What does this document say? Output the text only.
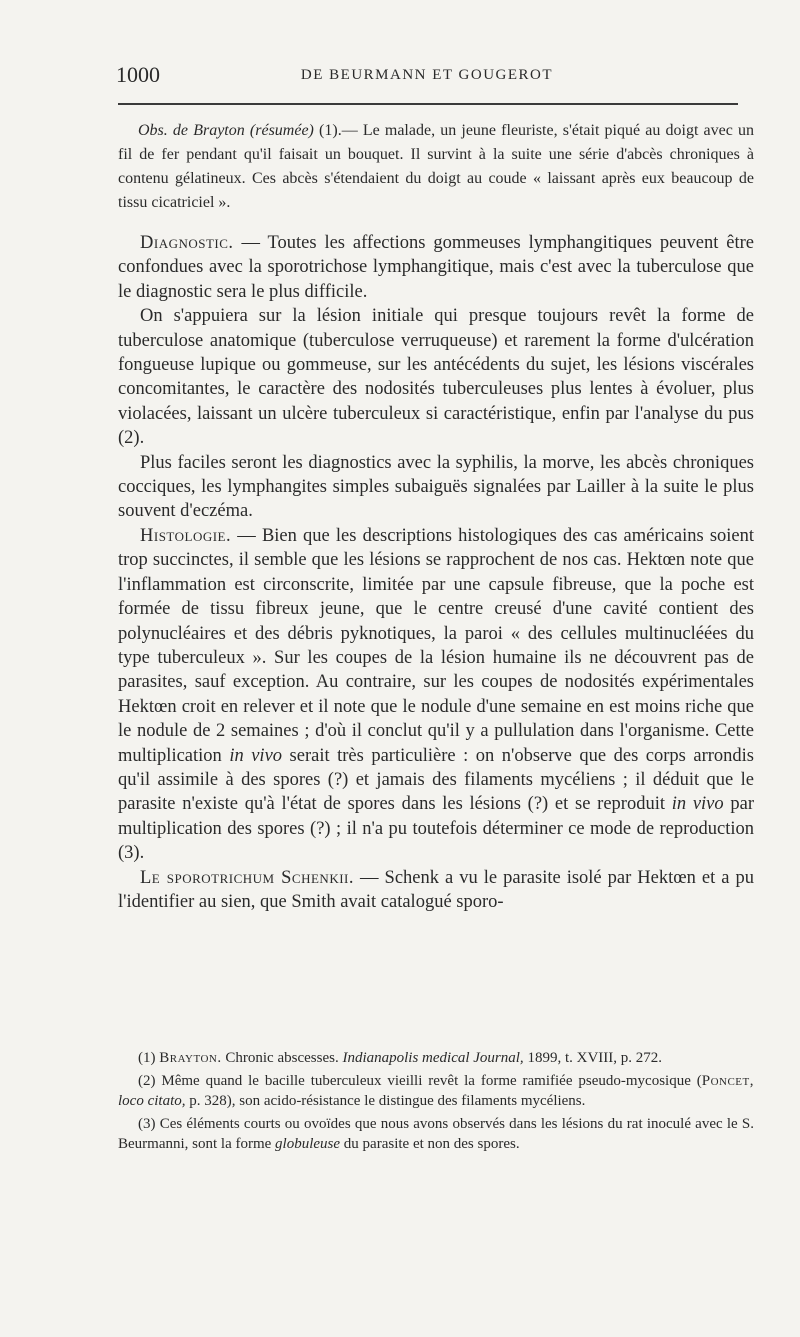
1000	DE BEURMANN ET GOUGEROT

Obs. de Brayton (résumée) (1).— Le malade, un jeune fleuriste, s'était piqué au doigt avec un fil de fer pendant qu'il faisait un bouquet. Il survint à la suite une série d'abcès chroniques à contenu gélatineux. Ces abcès s'étendaient du doigt au coude « laissant après eux beaucoup de tissu cicatriciel ».

Diagnostic. — Toutes les affections gommeuses lymphangitiques peuvent être confondues avec la sporotrichose lymphangitique, mais c'est avec la tuberculose que le diagnostic sera le plus difficile.

On s'appuiera sur la lésion initiale qui presque toujours revêt la forme de tuberculose anatomique (tuberculose verruqueuse) et rarement la forme d'ulcération fongueuse lupique ou gommeuse, sur les antécédents du sujet, les lésions viscérales concomitantes, le caractère des nodosités tuberculeuses plus lentes à évoluer, plus violacées, laissant un ulcère tuberculeux si caractéristique, enfin par l'analyse du pus (2).

Plus faciles seront les diagnostics avec la syphilis, la morve, les abcès chroniques cocciques, les lymphangites simples subaiguës signalées par Lailler à la suite le plus souvent d'eczéma.

Histologie. — Bien que les descriptions histologiques des cas américains soient trop succinctes, il semble que les lésions se rapprochent de nos cas. Hektœn note que l'inflammation est circonscrite, limitée par une capsule fibreuse, que la poche est formée de tissu fibreux jeune, que le centre creusé d'une cavité contient des polynucléaires et des débris pyknotiques, la paroi « des cellules multinucléées du type tuberculeux ». Sur les coupes de la lésion humaine ils ne découvrent pas de parasites, sauf exception. Au contraire, sur les coupes de nodosités expérimentales Hektœn croit en relever et il note que le nodule d'une semaine en est moins riche que le nodule de 2 semaines ; d'où il conclut qu'il y a pullulation dans l'organisme. Cette multiplication in vivo serait très particulière : on n'observe que des corps arrondis qu'il assimile à des spores (?) et jamais des filaments mycéliens ; il déduit que le parasite n'existe qu'à l'état de spores dans les lésions (?) et se reproduit in vivo par multiplication des spores (?) ; il n'a pu toutefois déterminer ce mode de reproduction (3).

Le sporotrichum Schenkii. — Schenk a vu le parasite isolé par Hektœn et a pu l'identifier au sien, que Smith avait catalogué sporo-

(1) Brayton. Chronic abscesses. Indianapolis medical Journal, 1899, t. XVIII, p. 272.

(2) Même quand le bacille tuberculeux vieilli revêt la forme ramifiée pseudo-mycosique (Poncet, loco citato, p. 328), son acido-résistance le distingue des filaments mycéliens.

(3) Ces éléments courts ou ovoïdes que nous avons observés dans les lésions du rat inoculé avec le S. Beurmanni, sont la forme globuleuse du parasite et non des spores.
